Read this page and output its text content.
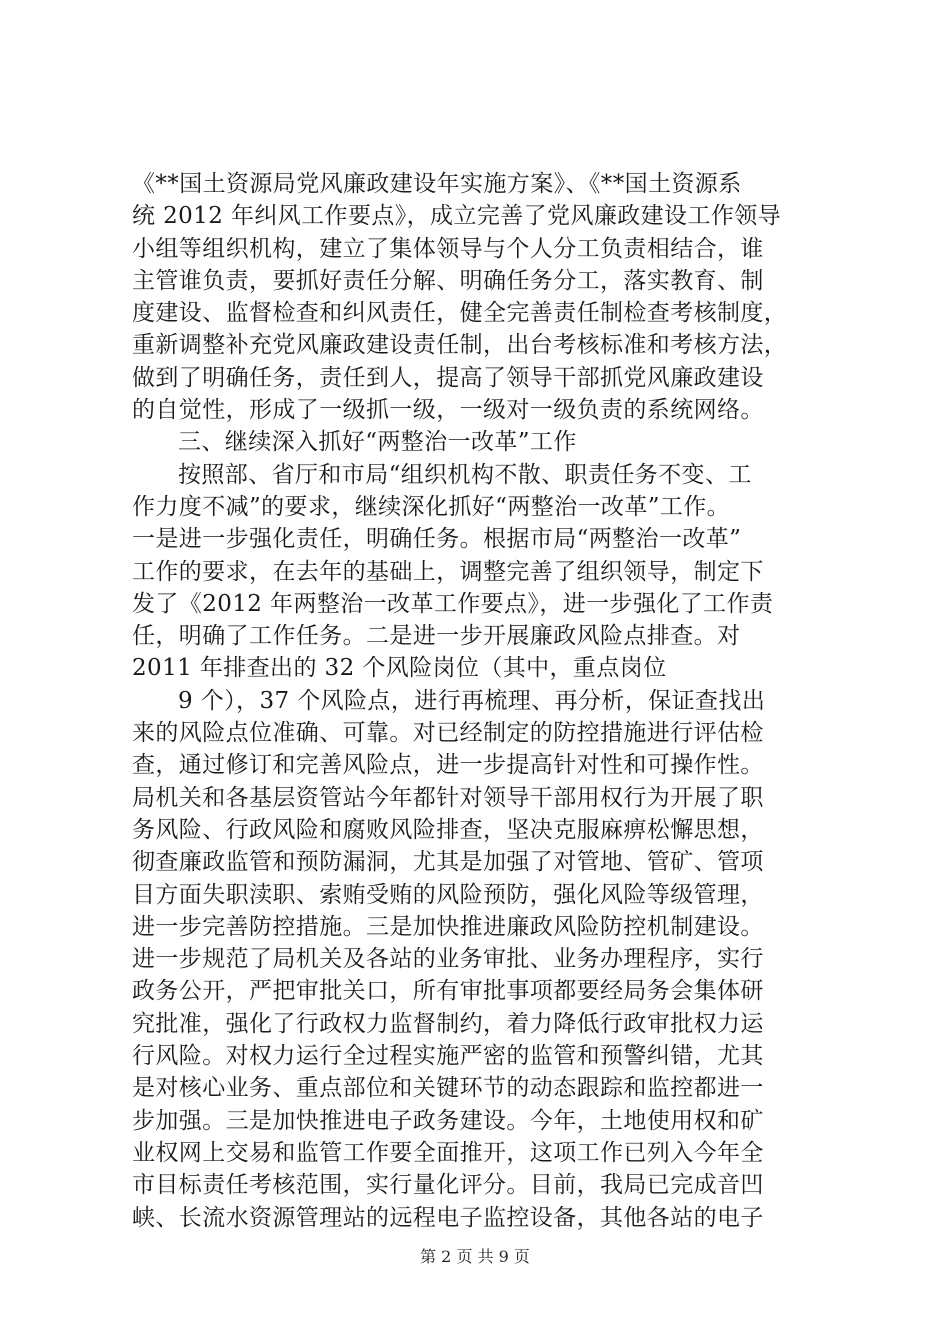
《**国土资源局党风廉政建设年实施方案》、《**国土资源系
统 2012 年纠风工作要点》，成立完善了党风廉政建设工作领导
小组等组织机构，建立了集体领导与个人分工负责相结合，谁
主管谁负责，要抓好责任分解、明确任务分工，落实教育、制
度建设、监督检查和纠风责任，健全完善责任制检查考核制度，
重新调整补充党风廉政建设责任制，出台考核标准和考核方法，
做到了明确任务，责任到人，提高了领导干部抓党风廉政建设
的自觉性，形成了一级抓一级，一级对一级负责的系统网络。
三、继续深入抓好“两整治一改革”工作
按照部、省厅和市局“组织机构不散、职责任务不变、工
作力度不减”的要求，继续深化抓好“两整治一改革”工作。
一是进一步强化责任，明确任务。根据市局“两整治一改革”
工作的要求，在去年的基础上，调整完善了组织领导，制定下
发了《2012 年两整治一改革工作要点》，进一步强化了工作责
任，明确了工作任务。二是进一步开展廉政风险点排查。对
2011 年排查出的 32 个风险岗位（其中，重点岗位
9 个），37 个风险点，进行再梳理、再分析，保证查找出
来的风险点位准确、可靠。对已经制定的防控措施进行评估检
查，通过修订和完善风险点，进一步提高针对性和可操作性。
局机关和各基层资管站今年都针对领导干部用权行为开展了职
务风险、行政风险和腐败风险排查，坚决克服麻痹松懈思想，
彻查廉政监管和预防漏洞，尤其是加强了对管地、管矿、管项
目方面失职渎职、索贿受贿的风险预防，强化风险等级管理，
进一步完善防控措施。三是加快推进廉政风险防控机制建设。
进一步规范了局机关及各站的业务审批、业务办理程序，实行
政务公开，严把审批关口，所有审批事项都要经局务会集体研
究批准，强化了行政权力监督制约，着力降低行政审批权力运
行风险。对权力运行全过程实施严密的监管和预警纠错，尤其
是对核心业务、重点部位和关键环节的动态跟踪和监控都进一
步加强。三是加快推进电子政务建设。今年，土地使用权和矿
业权网上交易和监管工作要全面推开，这项工作已列入今年全
市目标责任考核范围，实行量化评分。目前，我局已完成音凹
峡、长流水资源管理站的远程电子监控设备，其他各站的电子
第 2 页 共 9 页
